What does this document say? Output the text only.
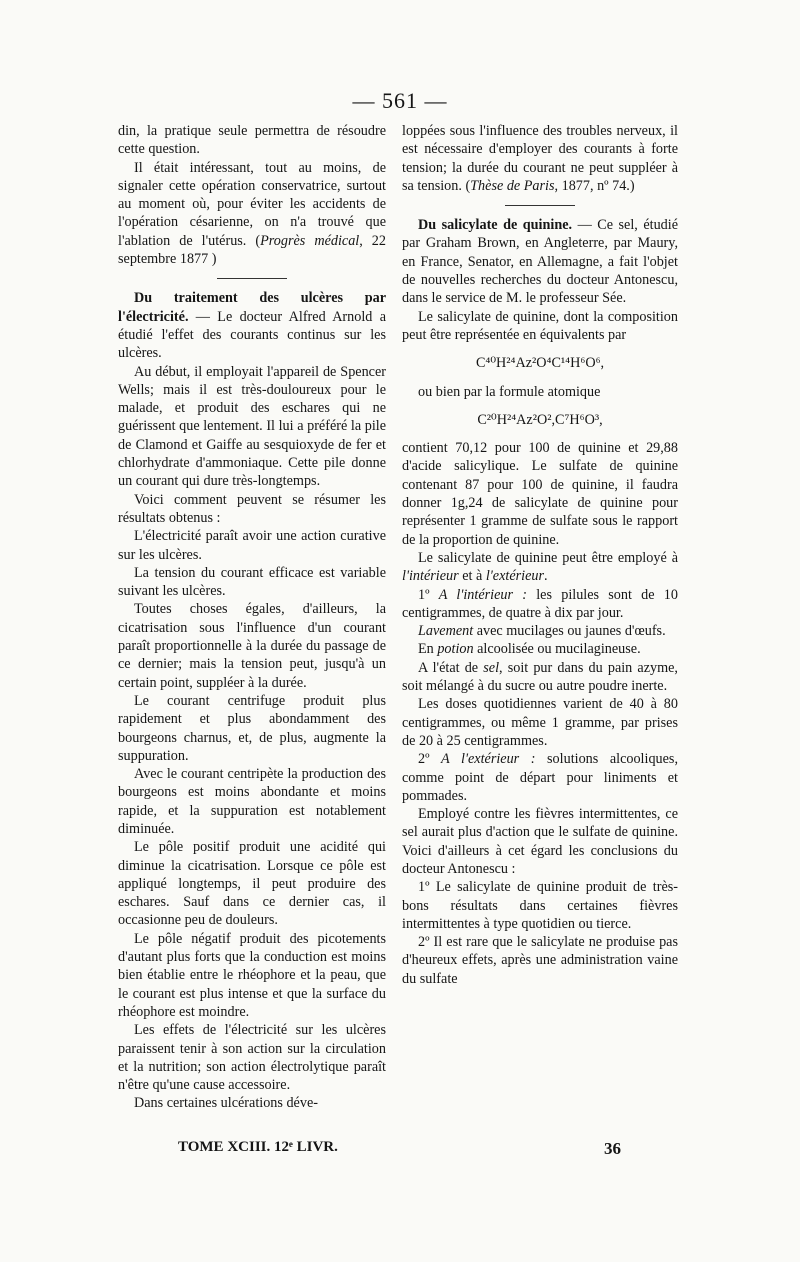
— 561 —

din, la pratique seule permettra de résoudre cette question.

Il était intéressant, tout au moins, de signaler cette opération conservatrice, surtout au moment où, pour éviter les accidents de l'opération césarienne, on n'a trouvé que l'ablation de l'utérus. (Progrès médical, 22 septembre 1877 )

Du traitement des ulcères par l'électricité. — Le docteur Alfred Arnold a étudié l'effet des courants continus sur les ulcères.

Au début, il employait l'appareil de Spencer Wells; mais il est très-douloureux pour le malade, et produit des eschares qui ne guérissent que lentement. Il lui a préféré la pile de Clamond et Gaiffe au sesquioxyde de fer et chlorhydrate d'ammoniaque. Cette pile donne un courant qui dure très-longtemps.

Voici comment peuvent se résumer les résultats obtenus :

L'électricité paraît avoir une action curative sur les ulcères.

La tension du courant efficace est variable suivant les ulcères.

Toutes choses égales, d'ailleurs, la cicatrisation sous l'influence d'un courant paraît proportionnelle à la durée du passage de ce dernier; mais la tension peut, jusqu'à un certain point, suppléer à la durée.

Le courant centrifuge produit plus rapidement et plus abondamment des bourgeons charnus, et, de plus, augmente la suppuration.

Avec le courant centripète la production des bourgeons est moins abondante et moins rapide, et la suppuration est notablement diminuée.

Le pôle positif produit une acidité qui diminue la cicatrisation. Lorsque ce pôle est appliqué longtemps, il peut produire des eschares. Sauf dans ce dernier cas, il occasionne peu de douleurs.

Le pôle négatif produit des picotements d'autant plus forts que la conduction est moins bien établie entre le rhéophore et la peau, que le courant est plus intense et que la surface du rhéophore est moindre.

Les effets de l'électricité sur les ulcères paraissent tenir à son action sur la circulation et la nutrition; son action électrolytique paraît n'être qu'une cause accessoire.

Dans certaines ulcérations déve-

loppées sous l'influence des troubles nerveux, il est nécessaire d'employer des courants à forte tension; la durée du courant ne peut suppléer à sa tension. (Thèse de Paris, 1877, nº 74.)

Du salicylate de quinine. — Ce sel, étudié par Graham Brown, en Angleterre, par Maury, en France, Senator, en Allemagne, a fait l'objet de nouvelles recherches du docteur Antonescu, dans le service de M. le professeur Sée.

Le salicylate de quinine, dont la composition peut être représentée en équivalents par

C⁴⁰H²⁴Az²O⁴C¹⁴H⁶O⁶,

ou bien par la formule atomique

C²⁰H²⁴Az²O²,C⁷H⁶O³,

contient 70,12 pour 100 de quinine et 29,88 d'acide salicylique. Le sulfate de quinine contenant 87 pour 100 de quinine, il faudra donner 1g,24 de salicylate de quinine pour représenter 1 gramme de sulfate sous le rapport de la proportion de quinine.

Le salicylate de quinine peut être employé à l'intérieur et à l'extérieur.

1º A l'intérieur : les pilules sont de 10 centigrammes, de quatre à dix par jour.

Lavement avec mucilages ou jaunes d'œufs.

En potion alcoolisée ou mucilagineuse.

A l'état de sel, soit pur dans du pain azyme, soit mélangé à du sucre ou autre poudre inerte.

Les doses quotidiennes varient de 40 à 80 centigrammes, ou même 1 gramme, par prises de 20 à 25 centigrammes.

2º A l'extérieur : solutions alcooliques, comme point de départ pour liniments et pommades.

Employé contre les fièvres intermittentes, ce sel aurait plus d'action que le sulfate de quinine. Voici d'ailleurs à cet égard les conclusions du docteur Antonescu :

1º Le salicylate de quinine produit de très-bons résultats dans certaines fièvres intermittentes à type quotidien ou tierce.

2º Il est rare que le salicylate ne produise pas d'heureux effets, après une administration vaine du sulfate

TOME XCIII. 12ᵉ LIVR.	36
